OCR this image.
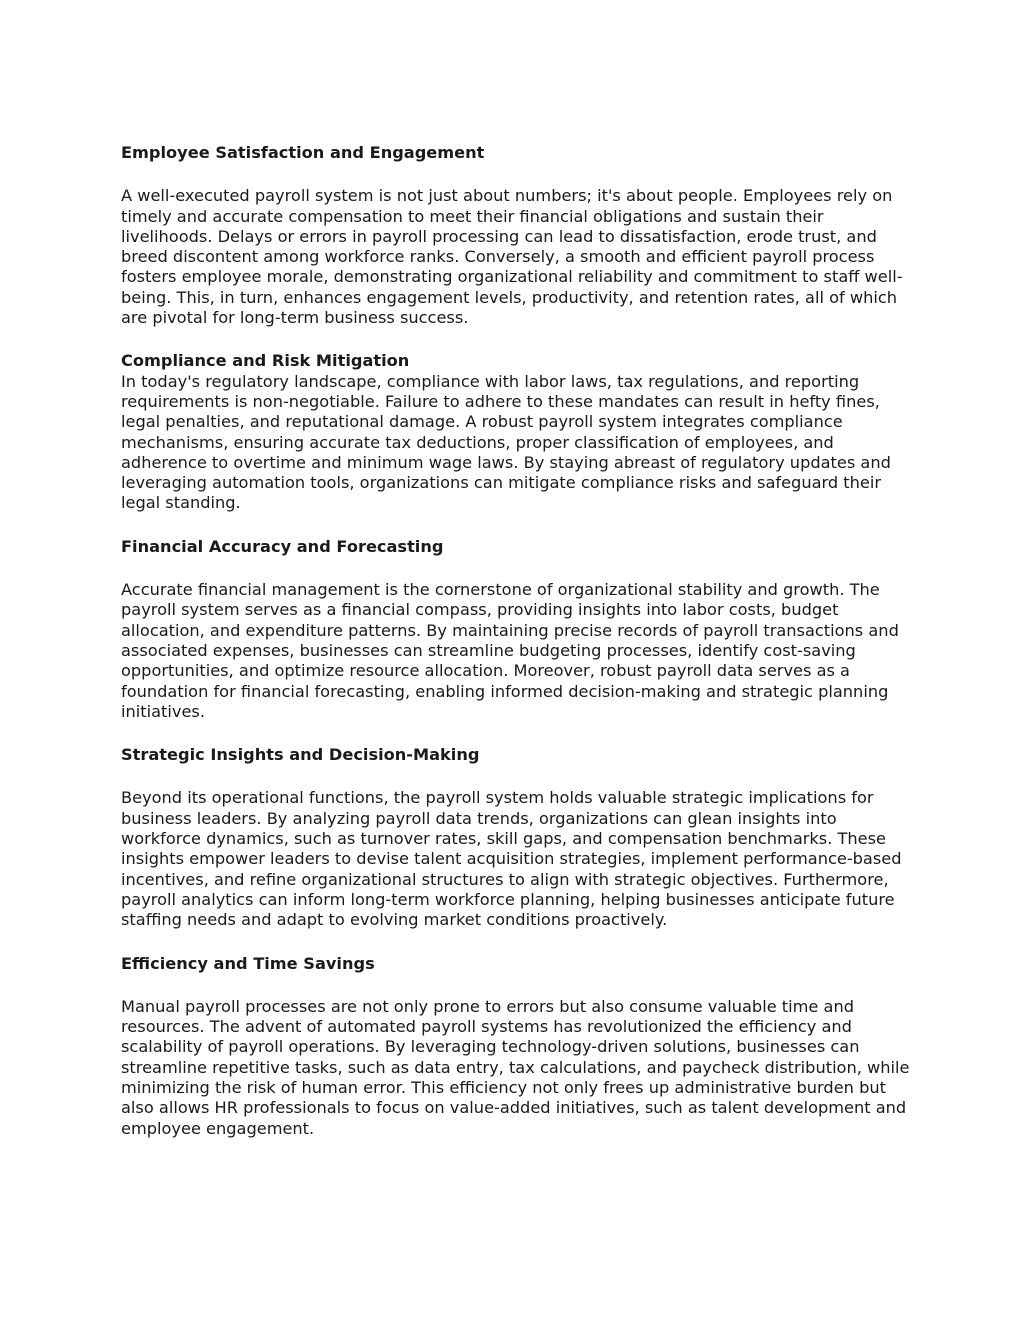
Employee Satisfaction and Engagement

A well-executed payroll system is not just about numbers; it's about people. Employees rely on timely and accurate compensation to meet their financial obligations and sustain their livelihoods. Delays or errors in payroll processing can lead to dissatisfaction, erode trust, and breed discontent among workforce ranks. Conversely, a smooth and efficient payroll process fosters employee morale, demonstrating organizational reliability and commitment to staff well-being. This, in turn, enhances engagement levels, productivity, and retention rates, all of which are pivotal for long-term business success.

Compliance and Risk Mitigation

In today's regulatory landscape, compliance with labor laws, tax regulations, and reporting requirements is non-negotiable. Failure to adhere to these mandates can result in hefty fines, legal penalties, and reputational damage. A robust payroll system integrates compliance mechanisms, ensuring accurate tax deductions, proper classification of employees, and adherence to overtime and minimum wage laws. By staying abreast of regulatory updates and leveraging automation tools, organizations can mitigate compliance risks and safeguard their legal standing.

Financial Accuracy and Forecasting

Accurate financial management is the cornerstone of organizational stability and growth. The payroll system serves as a financial compass, providing insights into labor costs, budget allocation, and expenditure patterns. By maintaining precise records of payroll transactions and associated expenses, businesses can streamline budgeting processes, identify cost-saving opportunities, and optimize resource allocation. Moreover, robust payroll data serves as a foundation for financial forecasting, enabling informed decision-making and strategic planning initiatives.

Strategic Insights and Decision-Making

Beyond its operational functions, the payroll system holds valuable strategic implications for business leaders. By analyzing payroll data trends, organizations can glean insights into workforce dynamics, such as turnover rates, skill gaps, and compensation benchmarks. These insights empower leaders to devise talent acquisition strategies, implement performance-based incentives, and refine organizational structures to align with strategic objectives. Furthermore, payroll analytics can inform long-term workforce planning, helping businesses anticipate future staffing needs and adapt to evolving market conditions proactively.

Efficiency and Time Savings

Manual payroll processes are not only prone to errors but also consume valuable time and resources. The advent of automated payroll systems has revolutionized the efficiency and scalability of payroll operations. By leveraging technology-driven solutions, businesses can streamline repetitive tasks, such as data entry, tax calculations, and paycheck distribution, while minimizing the risk of human error. This efficiency not only frees up administrative burden but also allows HR professionals to focus on value-added initiatives, such as talent development and employee engagement.
